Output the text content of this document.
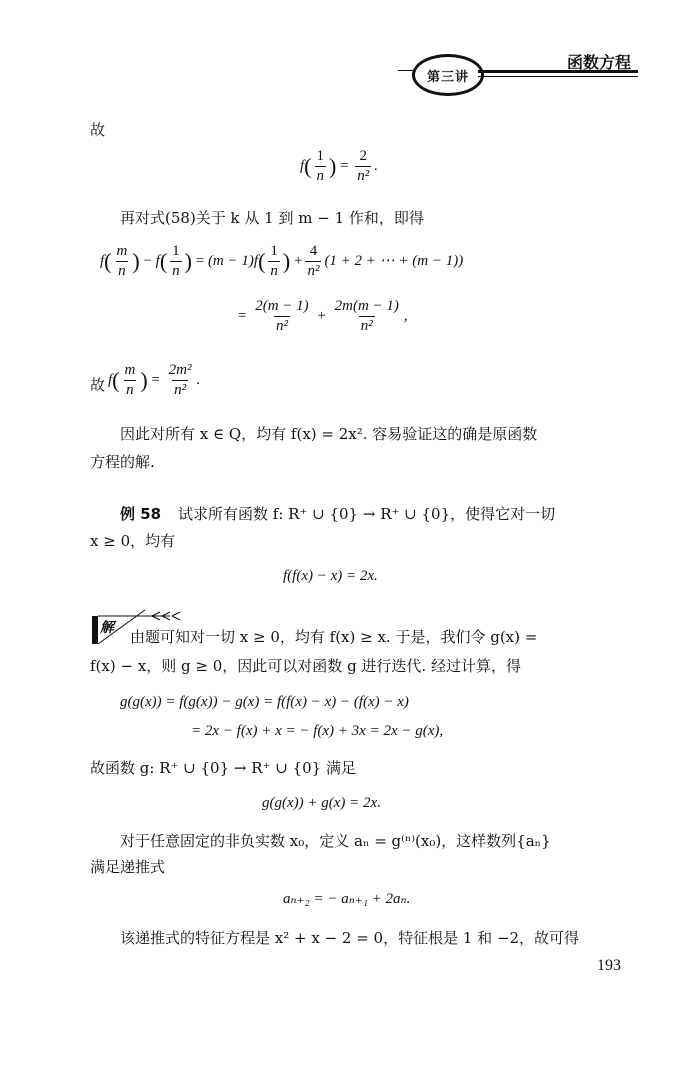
第三讲
函数方程
故
$f( \frac{1}{n}$ ) = $\frac{2}{\text{n²}}$ .
再对式(58)关于 k 从 1 到 m − 1 作和，即得
$f( \frac{m}{n}$ ) − $f( \frac{1}{n}$ ) = $(m - 1)f( \frac{1}{n}$ ) + $\frac{4}{\text{n²}} (1 + 2$ + ⋯ + (m − 1))
= $\frac{2(m - 1)}{\text{n²}} + \frac{2m(m - 1)}{\text{n²}}$ ,
故 $f( \frac{m}{n}$ ) = $\frac{\text{2m²}}{\text{n²}}$ .
因此对所有 x ∈ Q，均有 f(x) = 2x². 容易验证这的确是原函数
方程的解.
例 58 试求所有函数 f: R⁺ ∪ {0} → R⁺ ∪ {0}，使得它对一切
x ≥ 0，均有
f(f(x) − x) = 2x.
解 由题可知对一切 x ≥ 0，均有 f(x) ≥ x. 于是，我们令 g(x) =
f(x) − x，则 g ≥ 0，因此可以对函数 g 进行迭代. 经过计算，得
g(g(x)) = f(g(x)) − g(x) = f(f(x) − x) − (f(x) − x)
= 2x − f(x) + x = − f(x) + 3x = 2x − g(x),
故函数 g: R⁺ ∪ {0} → R⁺ ∪ {0} 满足
g(g(x)) + g(x) = 2x.
对于任意固定的非负实数 x₀，定义 aₙ = g⁽ⁿ⁾(x₀)，这样数列{aₙ}
满足递推式
aₙ₊₂ = − aₙ₊₁ + 2aₙ.
该递推式的特征方程是 x² + x − 2 = 0，特征根是 1 和 −2，故可得
193
